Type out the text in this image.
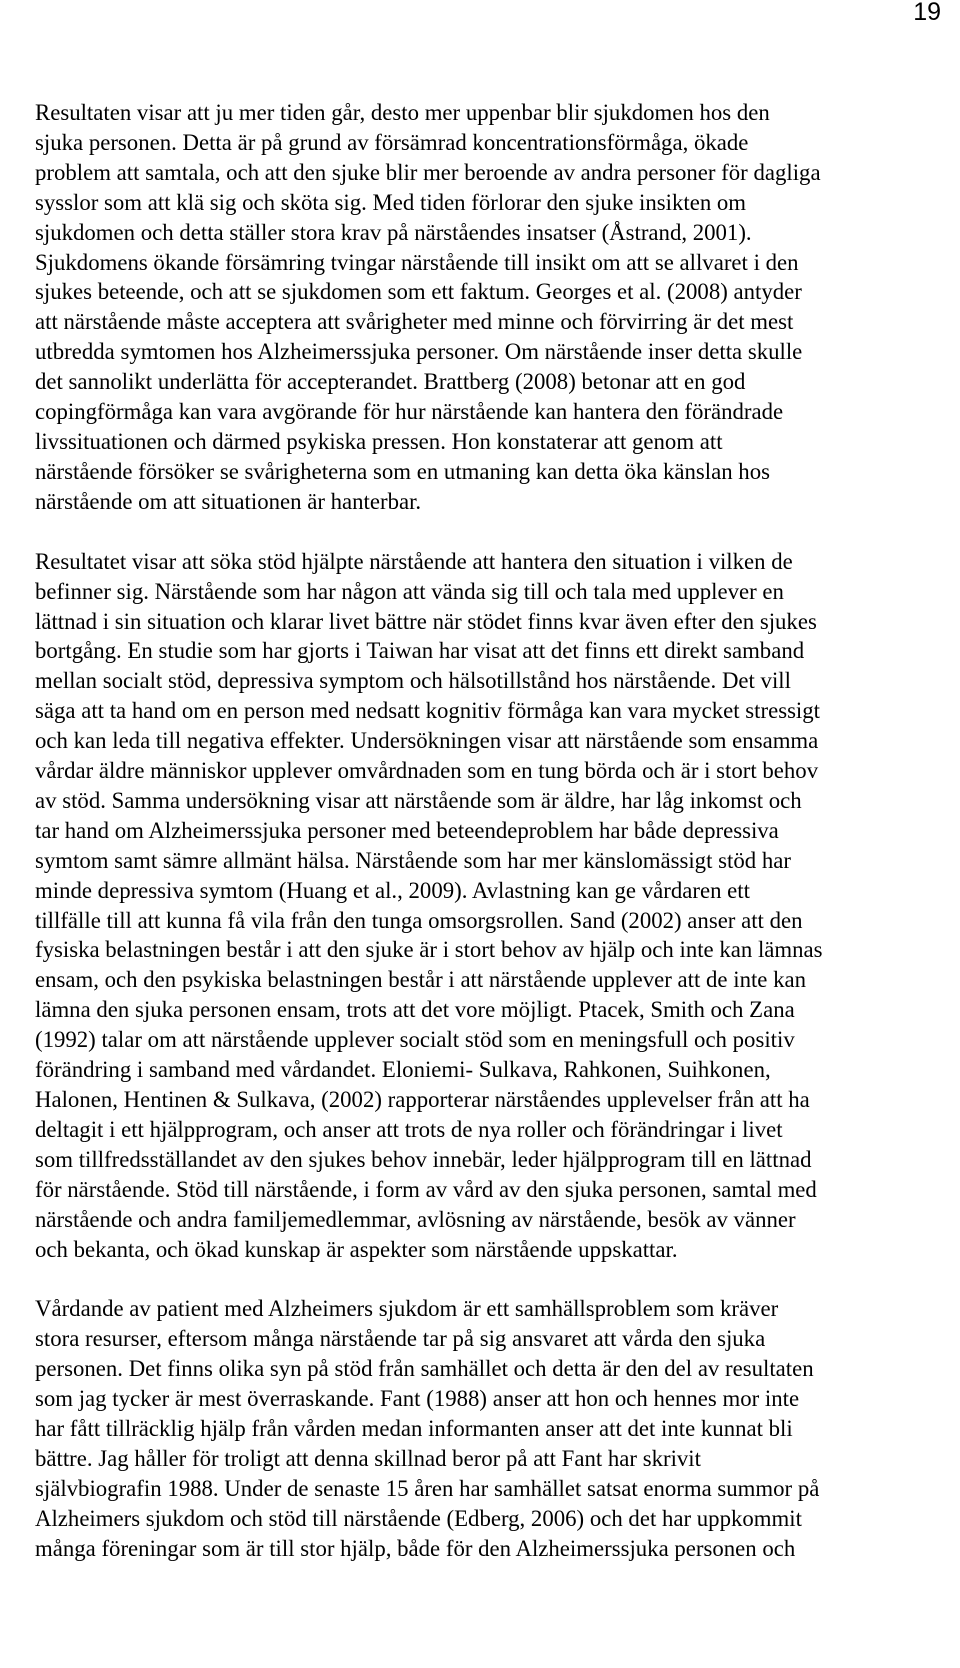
19

Resultaten visar att ju mer tiden går, desto mer uppenbar blir sjukdomen hos den
sjuka personen. Detta är på grund av försämrad koncentrationsförmåga, ökade
problem att samtala, och att den sjuke blir mer beroende av andra personer för dagliga
sysslor som att klä sig och sköta sig. Med tiden förlorar den sjuke insikten om
sjukdomen och detta ställer stora krav på närståendes insatser (Åstrand, 2001).
Sjukdomens ökande försämring tvingar närstående till insikt om att se allvaret i den
sjukes beteende, och att se sjukdomen som ett faktum. Georges et al. (2008) antyder
att närstående måste acceptera att svårigheter med minne och förvirring är det mest
utbredda symtomen hos Alzheimerssjuka personer. Om närstående inser detta skulle
det sannolikt underlätta för accepterandet. Brattberg (2008) betonar att en god
copingförmåga kan vara avgörande för hur närstående kan hantera den förändrade
livssituationen och därmed psykiska pressen. Hon konstaterar att genom att
närstående försöker se svårigheterna som en utmaning kan detta öka känslan hos
närstående om att situationen är hanterbar.

Resultatet visar att söka stöd hjälpte närstående att hantera den situation i vilken de
befinner sig. Närstående som har någon att vända sig till och tala med upplever en
lättnad i sin situation och klarar livet bättre när stödet finns kvar även efter den sjukes
bortgång. En studie som har gjorts i Taiwan har visat att det finns ett direkt samband
mellan socialt stöd, depressiva symptom och hälsotillstånd hos närstående. Det vill
säga att ta hand om en person med nedsatt kognitiv förmåga kan vara mycket stressigt
och kan leda till negativa effekter. Undersökningen visar att närstående som ensamma
vårdar äldre människor upplever omvårdnaden som en tung börda och är i stort behov
av stöd. Samma undersökning visar att närstående som är äldre, har låg inkomst och
tar hand om Alzheimerssjuka personer med beteendeproblem har både depressiva
symtom samt sämre allmänt hälsa. Närstående som har mer känslomässigt stöd har
minde depressiva symtom (Huang et al., 2009). Avlastning kan ge vårdaren ett
tillfälle till att kunna få vila från den tunga omsorgsrollen. Sand (2002) anser att den
fysiska belastningen består i att den sjuke är i stort behov av hjälp och inte kan lämnas
ensam, och den psykiska belastningen består i att närstående upplever att de inte kan
lämna den sjuka personen ensam, trots att det vore möjligt. Ptacek, Smith och Zana
(1992) talar om att närstående upplever socialt stöd som en meningsfull och positiv
förändring i samband med vårdandet. Eloniemi- Sulkava, Rahkonen, Suihkonen,
Halonen, Hentinen & Sulkava, (2002) rapporterar närståendes upplevelser från att ha
deltagit i ett hjälpprogram, och anser att trots de nya roller och förändringar i livet
som tillfredsställandet av den sjukes behov innebär, leder hjälpprogram till en lättnad
för närstående. Stöd till närstående, i form av vård av den sjuka personen, samtal med
närstående och andra familjemedlemmar, avlösning av närstående, besök av vänner
och bekanta, och ökad kunskap är aspekter som närstående uppskattar.

Vårdande av patient med Alzheimers sjukdom är ett samhällsproblem som kräver
stora resurser, eftersom många närstående tar på sig ansvaret att vårda den sjuka
personen. Det finns olika syn på stöd från samhället och detta är den del av resultaten
som jag tycker är mest överraskande. Fant (1988) anser att hon och hennes mor inte
har fått tillräcklig hjälp från vården medan informanten anser att det inte kunnat bli
bättre. Jag håller för troligt att denna skillnad beror på att Fant har skrivit
självbiografin 1988. Under de senaste 15 åren har samhället satsat enorma summor på
Alzheimers sjukdom och stöd till närstående (Edberg, 2006) och det har uppkommit
många föreningar som är till stor hjälp, både för den Alzheimerssjuka personen och
